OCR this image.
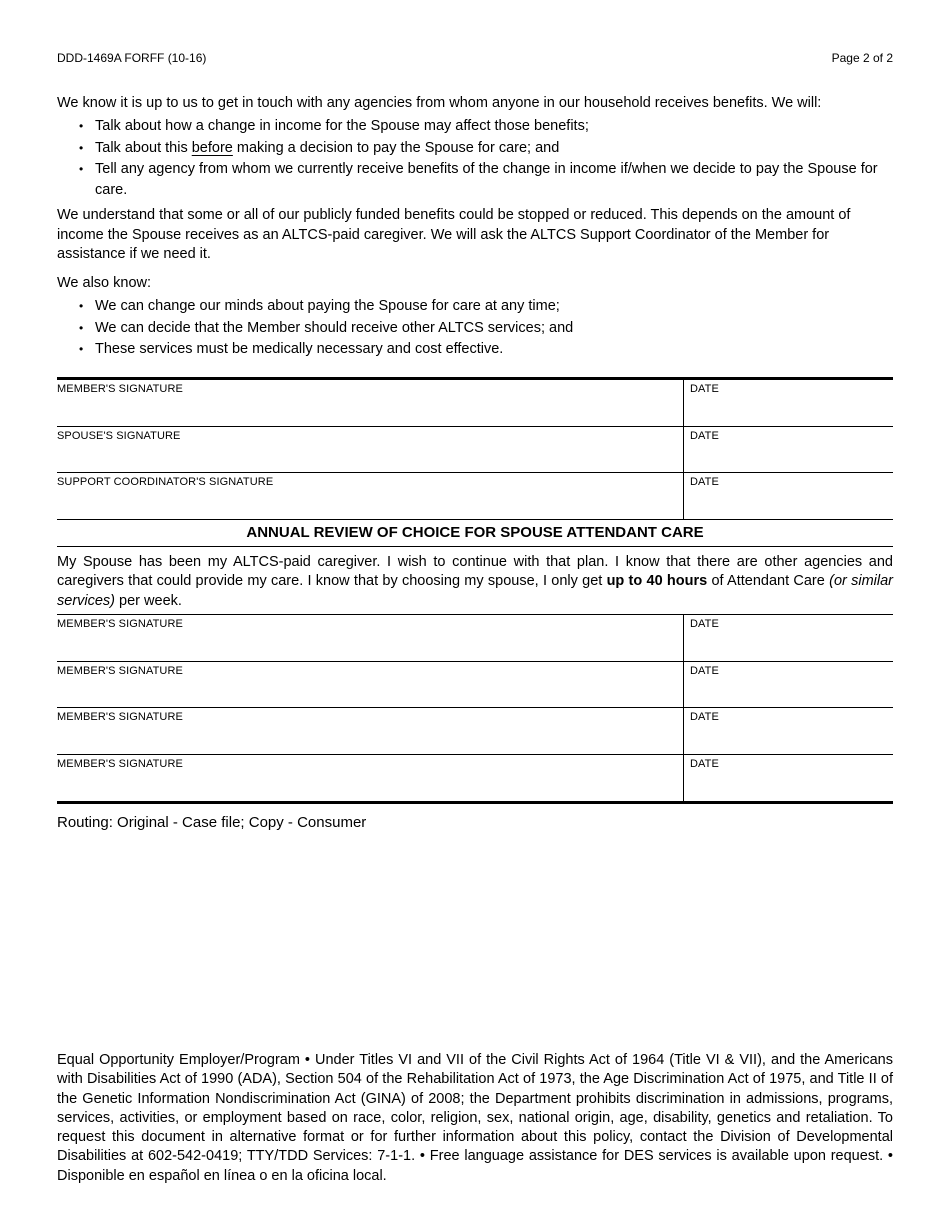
DDD-1469A FORFF (10-16)	Page 2 of 2
We know it is up to us to get in touch with any agencies from whom anyone in our household receives benefits. We will:
• Talk about how a change in income for the Spouse may affect those benefits;
• Talk about this before making a decision to pay the Spouse for care; and
• Tell any agency from whom we currently receive benefits of the change in income if/when we decide to pay the Spouse for care.
We understand that some or all of our publicly funded benefits could be stopped or reduced. This depends on the amount of income the Spouse receives as an ALTCS-paid caregiver. We will ask the ALTCS Support Coordinator of the Member for assistance if we need it.
We also know:
• We can change our minds about paying the Spouse for care at any time;
• We can decide that the Member should receive other ALTCS services; and
• These services must be medically necessary and cost effective.
MEMBER'S SIGNATURE	DATE
SPOUSE'S SIGNATURE	DATE
SUPPORT COORDINATOR'S SIGNATURE	DATE
ANNUAL REVIEW OF CHOICE FOR SPOUSE ATTENDANT CARE
My Spouse has been my ALTCS-paid caregiver. I wish to continue with that plan. I know that there are other agencies and caregivers that could provide my care. I know that by choosing my spouse, I only get up to 40 hours of Attendant Care (or similar services) per week.
MEMBER'S SIGNATURE	DATE
MEMBER'S SIGNATURE	DATE
MEMBER'S SIGNATURE	DATE
MEMBER'S SIGNATURE	DATE
Routing: Original - Case file; Copy - Consumer
Equal Opportunity Employer/Program • Under Titles VI and VII of the Civil Rights Act of 1964 (Title VI & VII), and the Americans with Disabilities Act of 1990 (ADA), Section 504 of the Rehabilitation Act of 1973, the Age Discrimination Act of 1975, and Title II of the Genetic Information Nondiscrimination Act (GINA) of 2008; the Department prohibits discrimination in admissions, programs, services, activities, or employment based on race, color, religion, sex, national origin, age, disability, genetics and retaliation. To request this document in alternative format or for further information about this policy, contact the Division of Developmental Disabilities at 602-542-0419; TTY/TDD Services: 7-1-1. • Free language assistance for DES services is available upon request. • Disponible en español en línea o en la oficina local.
